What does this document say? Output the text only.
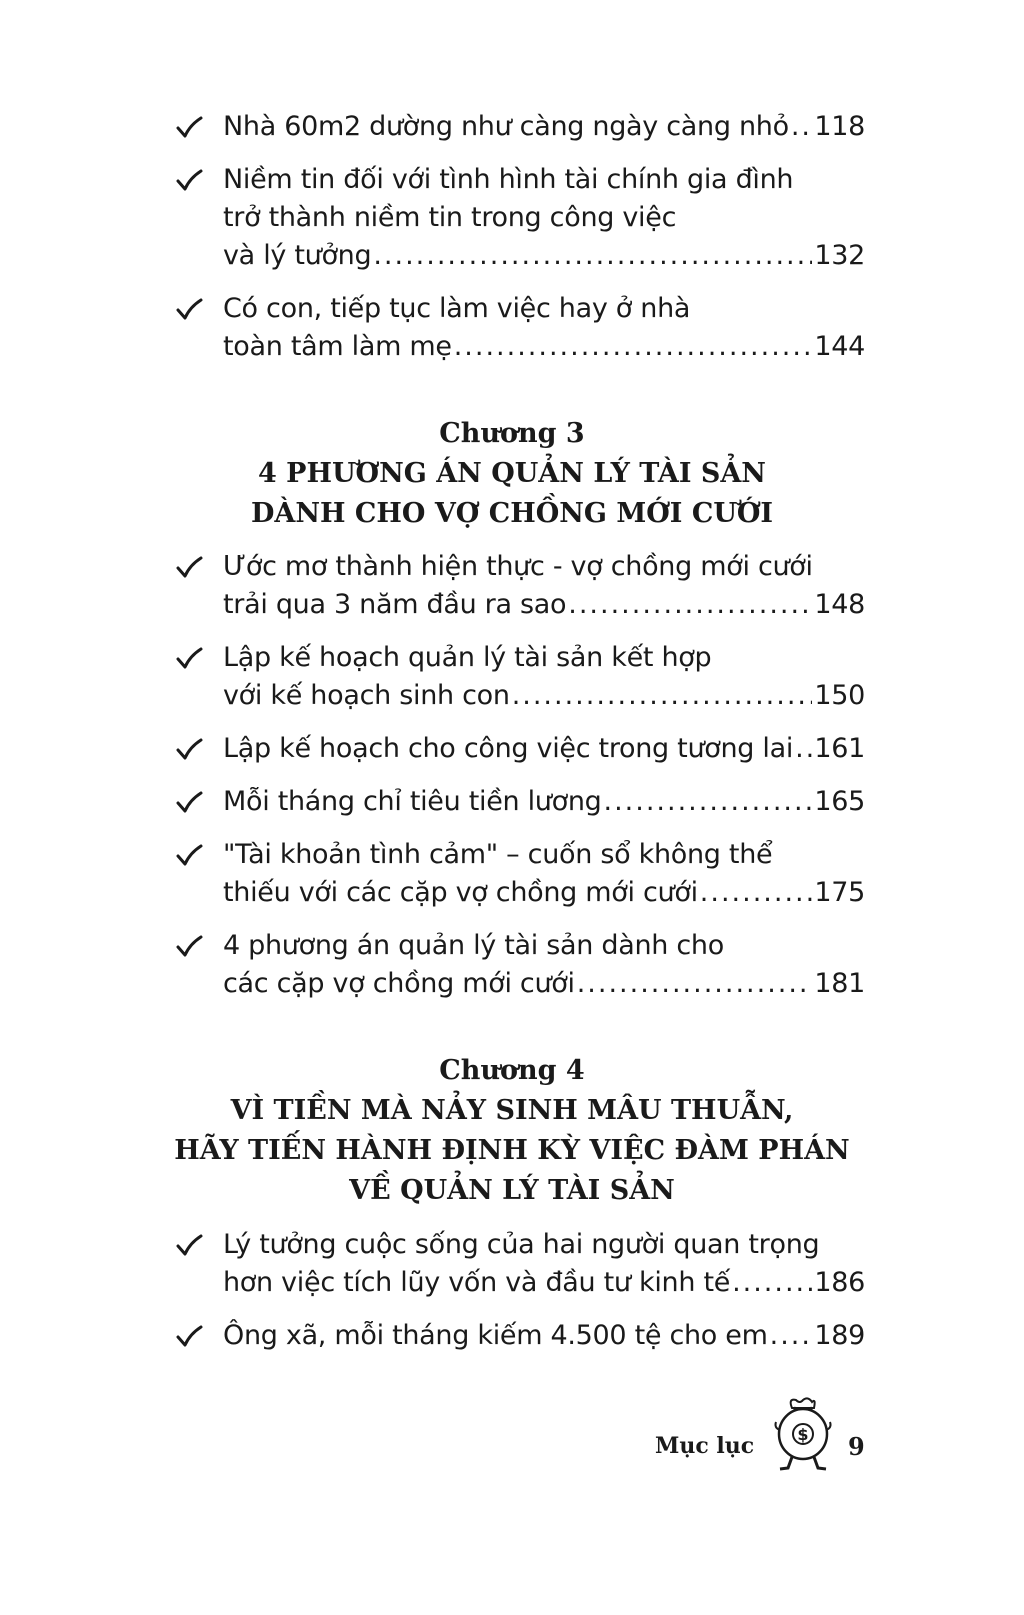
Nhà 60m2 dường như càng ngày càng nhỏ ..... 118
Niềm tin đối với tình hình tài chính gia đình
trở thành niềm tin trong công việc
và lý tưởng .....	132
Có con, tiếp tục làm việc hay ở nhà
toàn tâm làm mẹ .....	144
Chương 3
4 PHƯƠNG ÁN QUẢN LÝ TÀI SẢN
DÀNH CHO VỢ CHỒNG MỚI CƯỚI
Ước mơ thành hiện thực - vợ chồng mới cưới
trải qua 3 năm đầu ra sao .....	148
Lập kế hoạch quản lý tài sản kết hợp
với kế hoạch sinh con .....	150
Lập kế hoạch cho công việc trong tương lai ..... 161
Mỗi tháng chỉ tiêu tiền lương .....	165
"Tài khoản tình cảm" – cuốn sổ không thể
thiếu với các cặp vợ chồng mới cưới .....	175
4 phương án quản lý tài sản dành cho
các cặp vợ chồng mới cưới .....	181
Chương 4
VÌ TIỀN MÀ NẢY SINH MÂU THUẪN,
HÃY TIẾN HÀNH ĐỊNH KỲ VIỆC ĐÀM PHÁN
VỀ QUẢN LÝ TÀI SẢN
Lý tưởng cuộc sống của hai người quan trọng
hơn việc tích lũy vốn và đầu tư kinh tế .....	186
Ông xã, mỗi tháng kiếm 4.500 tệ cho em ..... 189
Mục lục	$ 9
